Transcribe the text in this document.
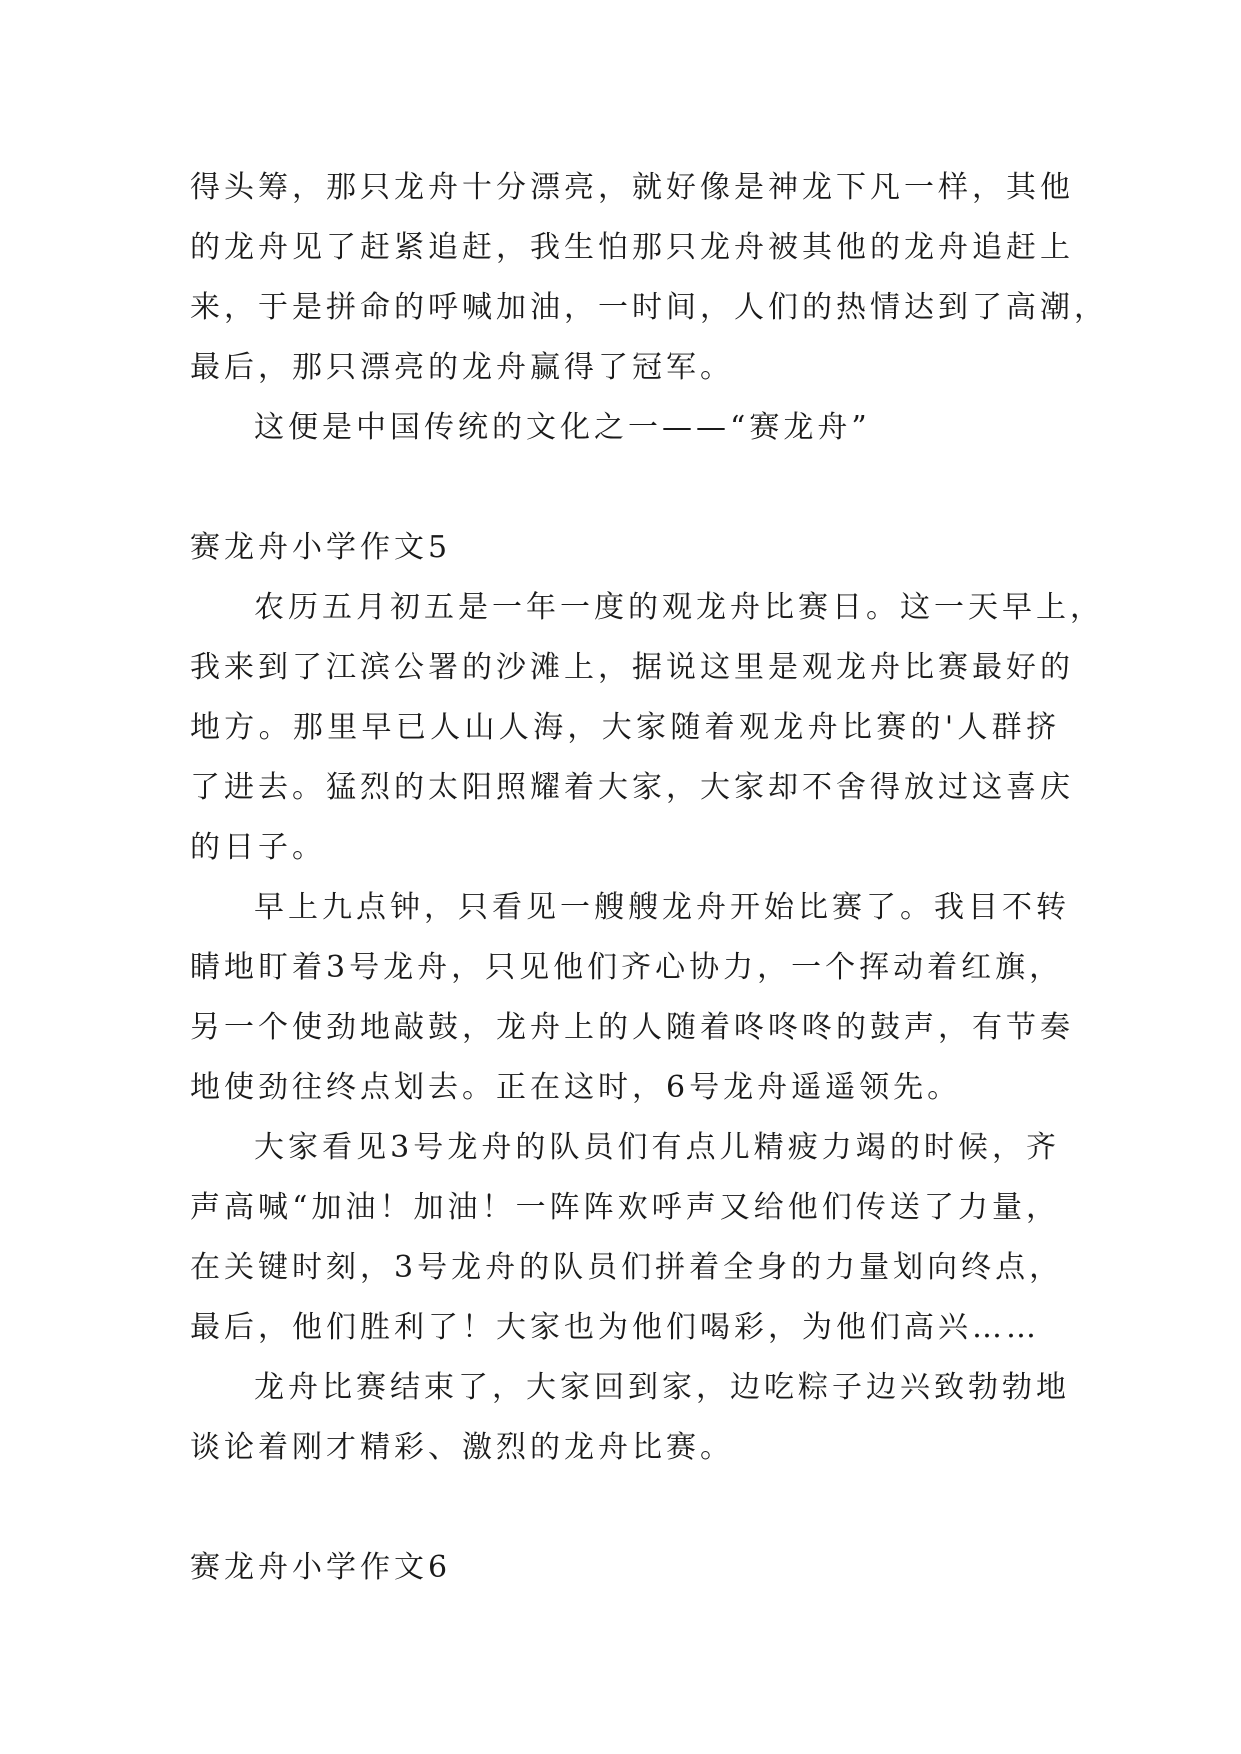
得头筹，那只龙舟十分漂亮，就好像是神龙下凡一样，其他
的龙舟见了赶紧追赶，我生怕那只龙舟被其他的龙舟追赶上
来，于是拼命的呼喊加油，一时间，人们的热情达到了高潮，
最后，那只漂亮的龙舟赢得了冠军。
这便是中国传统的文化之一——“赛龙舟”
赛龙舟小学作文5
农历五月初五是一年一度的观龙舟比赛日。这一天早上，
我来到了江滨公署的沙滩上，据说这里是观龙舟比赛最好的
地方。那里早已人山人海，大家随着观龙舟比赛的'人群挤
了进去。猛烈的太阳照耀着大家，大家却不舍得放过这喜庆
的日子。
早上九点钟，只看见一艘艘龙舟开始比赛了。我目不转
睛地盯着3号龙舟，只见他们齐心协力，一个挥动着红旗，
另一个使劲地敲鼓，龙舟上的人随着咚咚咚的鼓声，有节奏
地使劲往终点划去。正在这时，6号龙舟遥遥领先。
大家看见3号龙舟的队员们有点儿精疲力竭的时候，齐
声高喊“加油！加油！一阵阵欢呼声又给他们传送了力量，
在关键时刻，3号龙舟的队员们拼着全身的力量划向终点，
最后，他们胜利了！大家也为他们喝彩，为他们高兴……
龙舟比赛结束了，大家回到家，边吃粽子边兴致勃勃地
谈论着刚才精彩、激烈的龙舟比赛。
赛龙舟小学作文6
